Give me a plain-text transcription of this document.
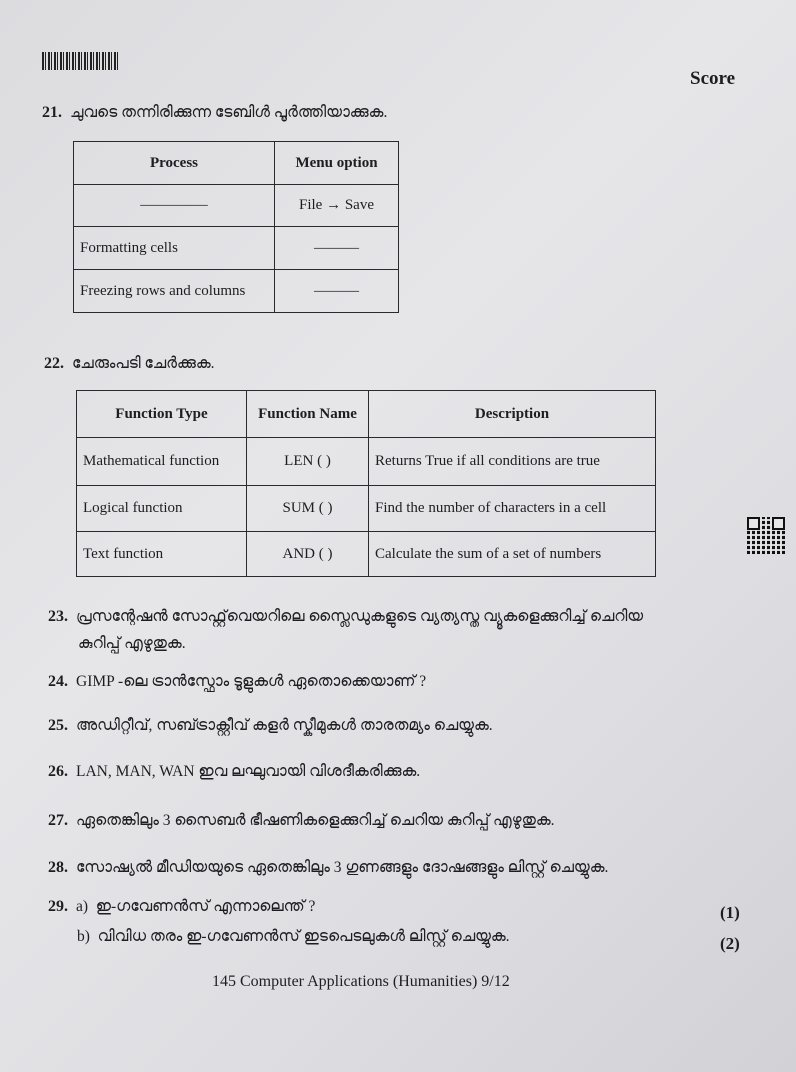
Score
21. ചുവടെ തന്നിരിക്കുന്ന ടേബിൾ പൂർത്തിയാക്കുക.
Process	Menu option
————–	File → Save
Formatting cells	———
Freezing rows and columns	———
22. ചേരുംപടി ചേർക്കുക.
Function Type	Function Name	Description
Mathematical function	LEN ( )	Returns True if all conditions are true
Logical function	SUM ( )	Find the number of characters in a cell
Text function	AND ( )	Calculate the sum of a set of numbers
23. പ്രസന്റേഷൻ സോഫ്റ്റ്‌വെയറിലെ സ്ലൈഡുകളുടെ വ്യത്യസ്ത വ്യൂകളെക്കുറിച്ച് ചെറിയ
കുറിപ്പ് എഴുതുക.
24. GIMP -ലെ ട്രാൻസ്ഫോം ടൂളുകൾ ഏതൊക്കെയാണ് ?
25. അഡിറ്റീവ്, സബ്ട്രാക്റ്റീവ് കളർ സ്കീമുകൾ താരതമ്യം ചെയ്യുക.
26. LAN, MAN, WAN ഇവ ലഘുവായി വിശദീകരിക്കുക.
27. ഏതെങ്കിലും 3 സൈബർ ഭീഷണികളെക്കുറിച്ച് ചെറിയ കുറിപ്പ് എഴുതുക.
28. സോഷ്യൽ മീഡിയയുടെ ഏതെങ്കിലും 3 ഗുണങ്ങളും ദോഷങ്ങളും ലിസ്റ്റ് ചെയ്യുക.
29. a) ഇ-ഗവേണൻസ് എന്നാലെന്ത് ?	(1)
b) വിവിധ തരം ഇ-ഗവേണൻസ് ഇടപെടലുകൾ ലിസ്റ്റ് ചെയ്യുക.	(2)
145 Computer Applications (Humanities) 9/12
